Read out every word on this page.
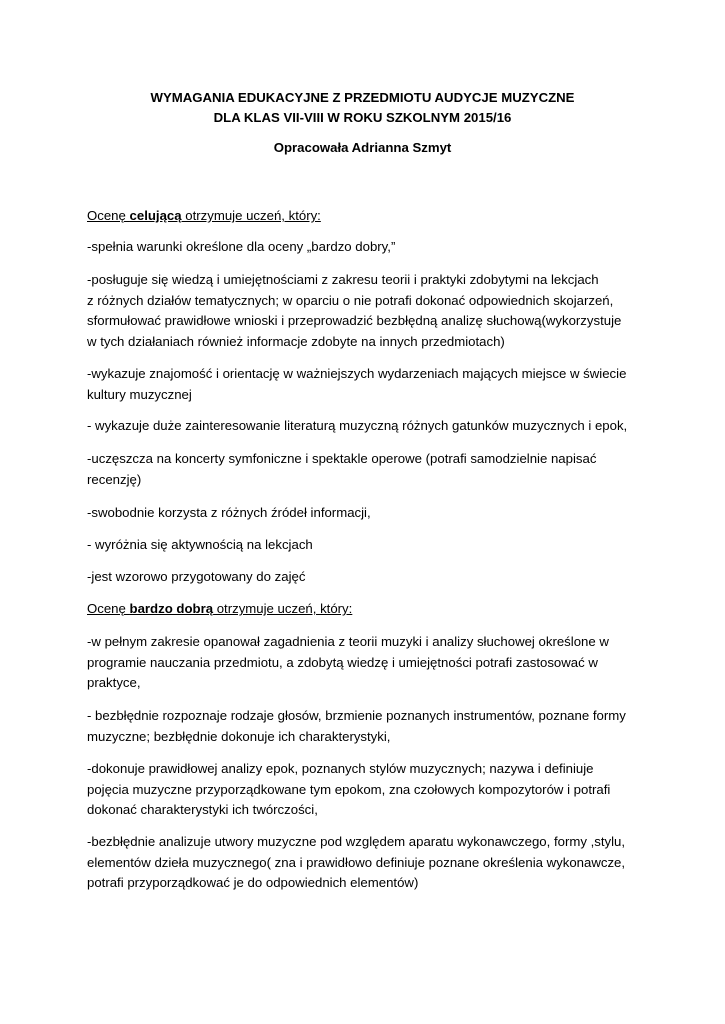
WYMAGANIA EDUKACYJNE Z PRZEDMIOTU AUDYCJE MUZYCZNE
DLA KLAS VII-VIII W ROKU SZKOLNYM 2015/16
Opracowała Adrianna Szmyt
Ocenę celującą otrzymuje uczeń, który:
-spełnia warunki określone dla oceny „bardzo dobry,”
-posługuje się wiedzą i umiejętnościami z zakresu teorii i praktyki zdobytymi na lekcjach
z różnych działów tematycznych; w oparciu o nie potrafi dokonać odpowiednich skojarzeń,
sformułować prawidłowe wnioski i przeprowadzić bezbłędną analizę słuchową(wykorzystuje
w tych działaniach również informacje zdobyte na innych przedmiotach)
-wykazuje znajomość i orientację w ważniejszych wydarzeniach mających miejsce w świecie
kultury muzycznej
- wykazuje duże zainteresowanie literaturą muzyczną różnych gatunków muzycznych i epok,
-uczęszcza na koncerty symfoniczne i spektakle operowe (potrafi samodzielnie napisać
recenzję)
-swobodnie korzysta z różnych źródeł informacji,
- wyróżnia się aktywnością na lekcjach
-jest wzorowo przygotowany do zajęć
Ocenę bardzo dobrą otrzymuje uczeń, który:
-w pełnym zakresie opanował zagadnienia z teorii muzyki i analizy słuchowej określone w
programie nauczania przedmiotu, a zdobytą wiedzę i umiejętności potrafi zastosować w
praktyce,
- bezbłędnie rozpoznaje rodzaje głosów, brzmienie poznanych instrumentów, poznane formy
muzyczne; bezbłędnie dokonuje ich charakterystyki,
-dokonuje prawidłowej analizy epok, poznanych stylów muzycznych; nazywa i definiuje
pojęcia muzyczne przyporządkowane tym epokom, zna czołowych kompozytorów i potrafi
dokonać charakterystyki ich twórczości,
-bezbłędnie analizuje utwory muzyczne pod względem aparatu wykonawczego, formy ,stylu,
elementów dzieła muzycznego( zna i prawidłowo definiuje poznane określenia wykonawcze,
potrafi przyporządkować je do odpowiednich elementów)
